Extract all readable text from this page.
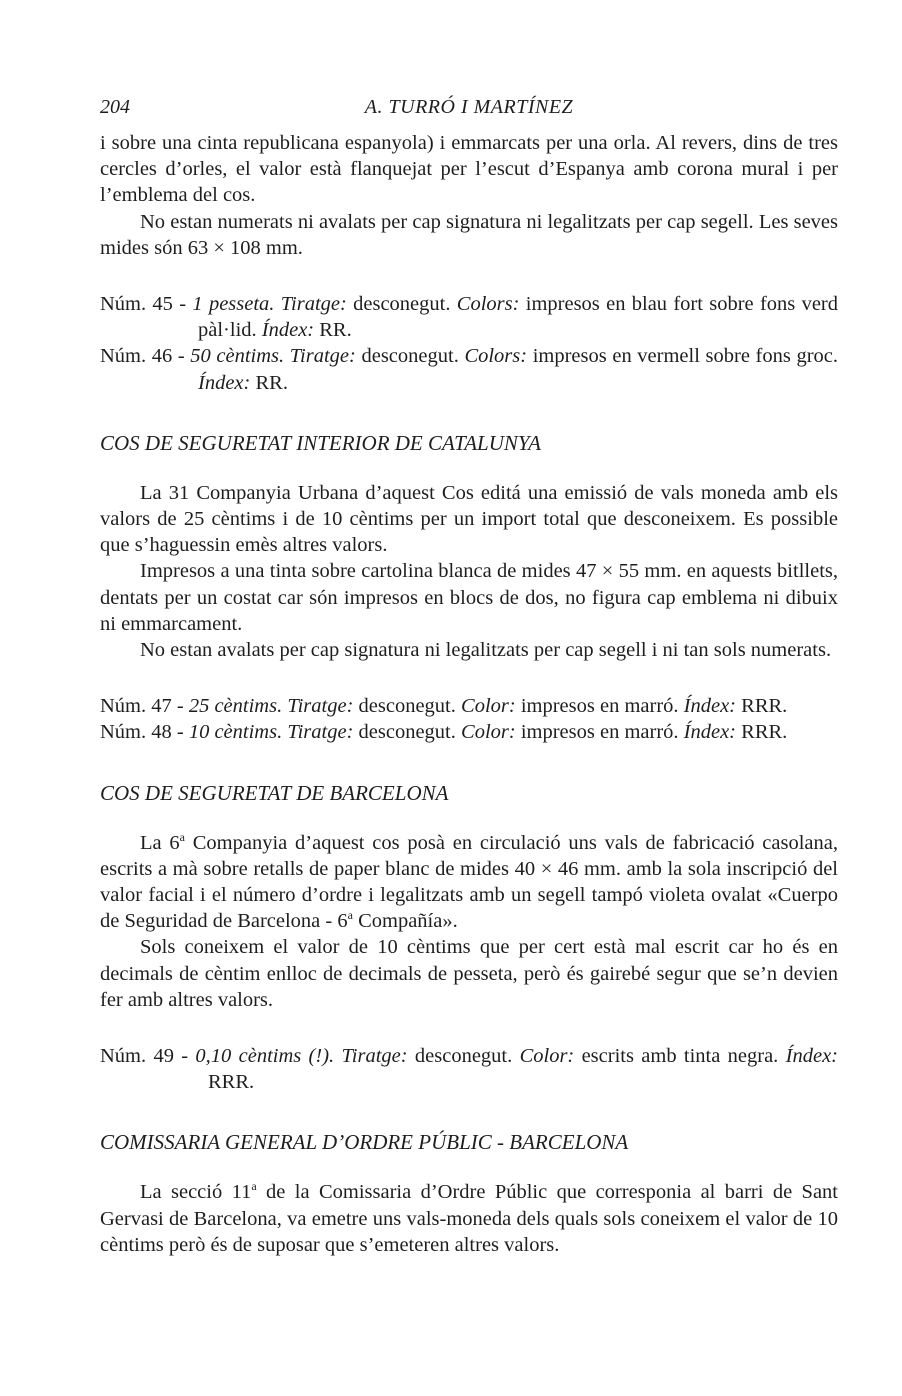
204	A. TURRÓ I MARTÍNEZ

i sobre una cinta republicana espanyola) i emmarcats per una orla. Al revers, dins de tres cercles d’orles, el valor està flanquejat per l’escut d’Espanya amb corona mural i per l’emblema del cos.

No estan numerats ni avalats per cap signatura ni legalitzats per cap segell. Les seves mides són 63 × 108 mm.

Núm. 45 - 1 pesseta. Tiratge: desconegut. Colors: impresos en blau fort sobre fons verd pàl·lid. Índex: RR.
Núm. 46 - 50 cèntims. Tiratge: desconegut. Colors: impresos en vermell sobre fons groc. Índex: RR.
COS DE SEGURETAT INTERIOR DE CATALUNYA

La 31 Companyia Urbana d’aquest Cos editá una emissió de vals moneda amb els valors de 25 cèntims i de 10 cèntims per un import total que desconeixem. Es possible que s’haguessin emès altres valors.

Impresos a una tinta sobre cartolina blanca de mides 47 × 55 mm. en aquests bitllets, dentats per un costat car són impresos en blocs de dos, no figura cap emblema ni dibuix ni emmarcament.

No estan avalats per cap signatura ni legalitzats per cap segell i ni tan sols numerats.

Núm. 47 - 25 cèntims. Tiratge: desconegut. Color: impresos en marró. Índex: RRR.
Núm. 48 - 10 cèntims. Tiratge: desconegut. Color: impresos en marró. Índex: RRR.
COS DE SEGURETAT DE BARCELONA

La 6$^a$ Companyia d’aquest cos posà en circulació uns vals de fabricació casolana, escrits a mà sobre retalls de paper blanc de mides 40 × 46 mm. amb la sola inscripció del valor facial i el número d’ordre i legalitzats amb un segell tampó violeta ovalat «Cuerpo de Seguridad de Barcelona - 6$^a$ Compañía».

Sols coneixem el valor de 10 cèntims que per cert està mal escrit car ho és en decimals de cèntim enlloc de decimals de pesseta, però és gairebé segur que se’n devien fer amb altres valors.

Núm. 49 - 0,10 cèntims (!). Tiratge: desconegut. Color: escrits amb tinta negra. Índex: RRR.
COMISSARIA GENERAL D’ORDRE PÚBLIC - BARCELONA

La secció 11$^a$ de la Comissaria d’Ordre Públic que corresponia al barri de Sant Gervasi de Barcelona, va emetre uns vals-moneda dels quals sols coneixem el valor de 10 cèntims però és de suposar que s’emeteren altres valors.
